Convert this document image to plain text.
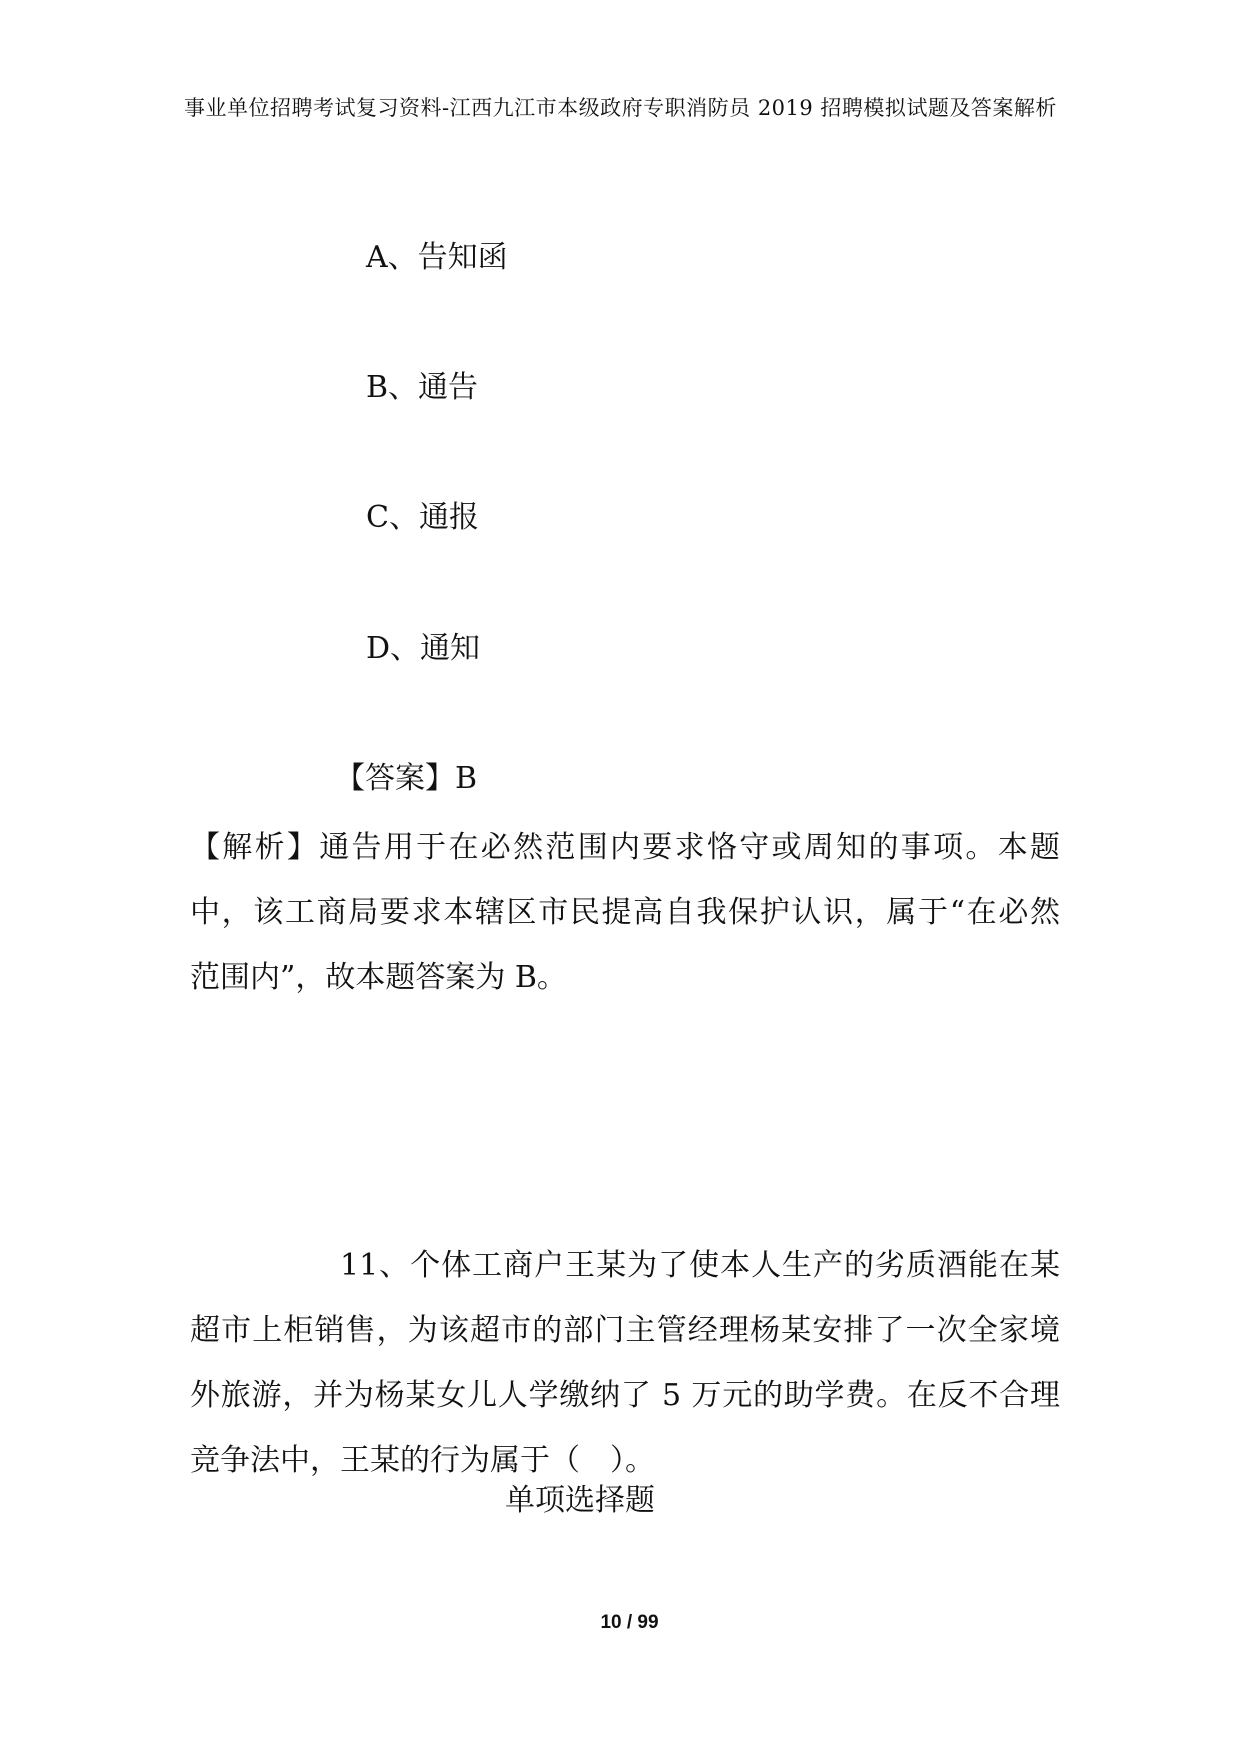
事业单位招聘考试复习资料-江西九江市本级政府专职消防员 2019 招聘模拟试题及答案解析
A、告知函
B、通告
C、通报
D、通知
【答案】B
【解析】通告用于在必然范围内要求恪守或周知的事项。本题
中，该工商局要求本辖区市民提高自我保护认识，属于“在必然
范围内”，故本题答案为 B。
11、个体工商户王某为了使本人生产的劣质酒能在某
超市上柜销售，为该超市的部门主管经理杨某安排了一次全家境
外旅游，并为杨某女儿人学缴纳了 5 万元的助学费。在反不合理
竞争法中，王某的行为属于（　）。
单项选择题
10 / 99
